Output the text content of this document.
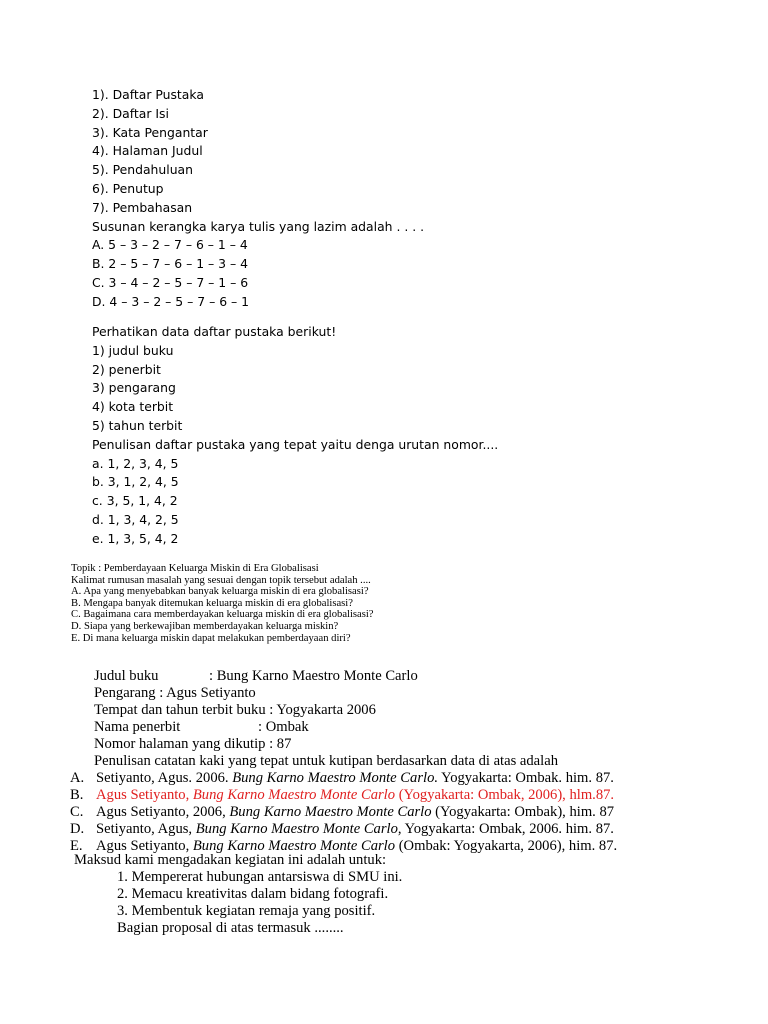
1). Daftar Pustaka
2). Daftar Isi
3). Kata Pengantar
4). Halaman Judul
5). Pendahuluan
6). Penutup
7). Pembahasan
Susunan kerangka karya tulis yang lazim adalah . . . .
A. 5 – 3 – 2 – 7 – 6 – 1 – 4
B. 2 – 5 – 7 – 6 – 1 – 3 – 4
C. 3 – 4 – 2 – 5 – 7 – 1 – 6
D. 4 – 3 – 2 – 5 – 7 – 6 – 1
Perhatikan data daftar pustaka berikut!
1) judul buku
2) penerbit
3) pengarang
4) kota terbit
5) tahun terbit
Penulisan daftar pustaka yang tepat yaitu denga urutan nomor....
a. 1, 2, 3, 4, 5
b. 3, 1, 2, 4, 5
c. 3, 5, 1, 4, 2
d. 1, 3, 4, 2, 5
e. 1, 3, 5, 4, 2
Topik : Pemberdayaan Keluarga Miskin di Era Globalisasi
Kalimat rumusan masalah yang sesuai dengan topik tersebut adalah ....
A. Apa yang menyebabkan banyak keluarga miskin di era globalisasi?
B. Mengapa banyak ditemukan keluarga miskin di era globalisasi?
C. Bagaimana cara memberdayakan keluarga miskin di era globalisasi?
D. Siapa yang berkewajiban memberdayakan keluarga miskin?
E. Di mana keluarga miskin dapat melakukan pemberdayaan diri?
Judul buku	: Bung Karno Maestro Monte Carlo
Pengarang : Agus Setiyanto
Tempat dan tahun terbit buku : Yogyakarta 2006
Nama penerbit	: Ombak
Nomor halaman yang dikutip : 87
Penulisan catatan kaki yang tepat untuk kutipan berdasarkan data di atas adalah
A. Setiyanto, Agus. 2006. Bung Karno Maestro Monte Carlo. Yogyakarta: Ombak. him. 87.
B. Agus Setiyanto, Bung Karno Maestro Monte Carlo (Yogyakarta: Ombak, 2006), hlm.87.
C. Agus Setiyanto, 2006, Bung Karno Maestro Monte Carlo (Yogyakarta: Ombak), him. 87
D. Setiyanto, Agus, Bung Karno Maestro Monte Carlo, Yogyakarta: Ombak, 2006. him. 87.
E. Agus Setiyanto, Bung Karno Maestro Monte Carlo (Ombak: Yogyakarta, 2006), him. 87.
Maksud kami mengadakan kegiatan ini adalah untuk:
1. Mempererat hubungan antarsiswa di SMU ini.
2. Memacu kreativitas dalam bidang fotografi.
3. Membentuk kegiatan remaja yang positif.
Bagian proposal di atas termasuk ........
